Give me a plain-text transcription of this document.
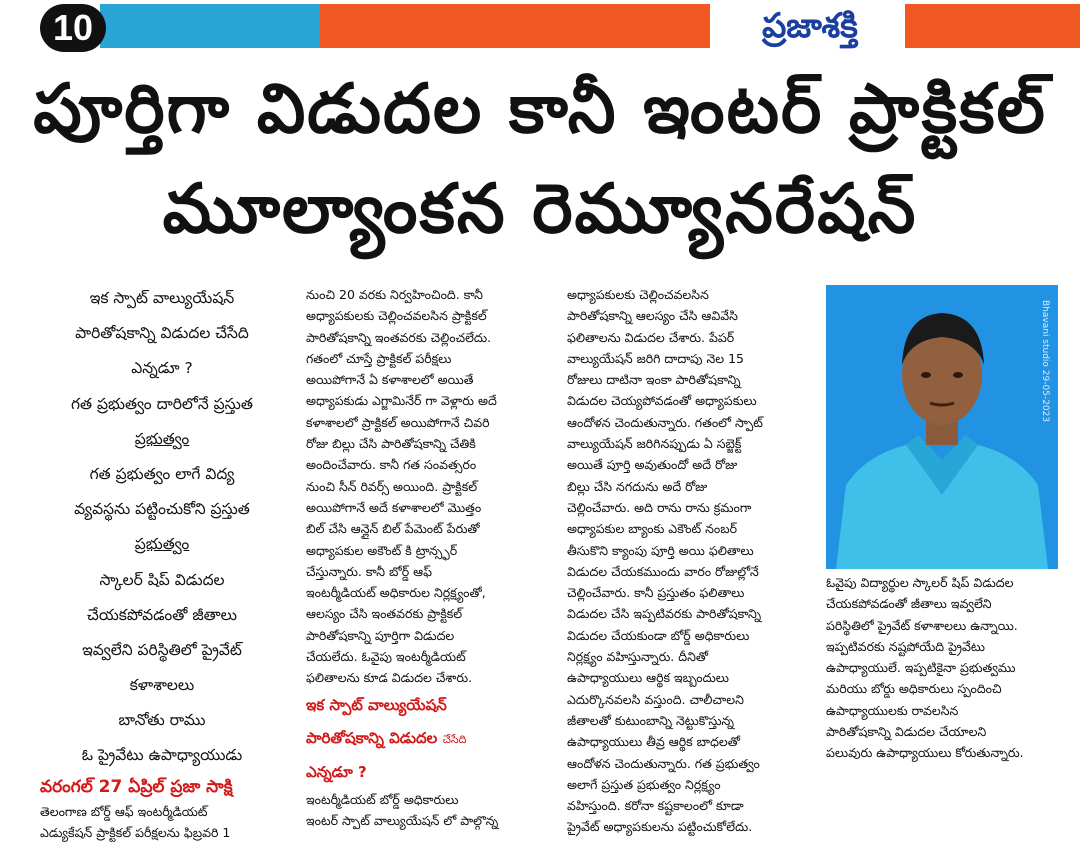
10	ప్రజాశక్తి
పూర్తిగా విడుదల కానీ ఇంటర్ ప్రాక్టికల్
మూల్యాంకన రెమ్యూనరేషన్
ఇక స్పాట్ వాల్యుయేషన్
పారితోషకాన్ని విడుదల చేసేది
ఎన్నడూ ?
గత ప్రభుత్వం దారిలోనే ప్రస్తుత
ప్రభుత్వం
గత ప్రభుత్వం లాగే విద్య
వ్యవస్థను పట్టించుకోని ప్రస్తుత
ప్రభుత్వం
స్కాలర్ షిప్ విడుదల
చేయకపోవడంతో జీతాలు
ఇవ్వలేని పరిస్థితిలో ప్రైవేట్
కళాశాలలు
బానోతు రాము
ఓ ప్రైవేటు ఉపాధ్యాయుడు
వరంగల్ 27 ఏప్రిల్ ప్రజా సాక్షి
తెలంగాణ బోర్డ్ ఆఫ్ ఇంటర్మీడియట్
ఎడ్యుకేషన్ ప్రాక్టికల్ పరీక్షలను ఫిబ్రవరి 1
నుంచి 20 వరకు నిర్వహించింది. కానీ
అధ్యాపకులకు చెల్లించవలసిన ప్రాక్టికల్
పారితోషకాన్ని ఇంతవరకు చెల్లించలేదు.
గతంలో చూస్తే ప్రాక్టికల్ పరీక్షలు
అయిపోగానే ఏ కళాశాలలో అయితే
అధ్యాపకుడు ఎగ్జామినేర్ గా వెళ్లారు అదే
కళాశాలలో ప్రాక్టికల్ అయిపోగానే చివరి
రోజు బిల్లు చేసి పారితోషకాన్ని చేతికి
అందించేవారు. కానీ గత సంవత్సరం
నుంచి సీన్ రివర్స్ అయింది. ప్రాక్టికల్
అయిపోగానే అదే కళాశాలలో మొత్తం
బిల్ చేసి ఆన్లైన్ బిల్ పేమెంట్ పేరుతో
అధ్యాపకుల అకౌంట్ కి ట్రాన్స్ఫర్
చేస్తున్నారు. కానీ బోర్డ్ ఆఫ్
ఇంటర్మీడియట్ అధికారుల నిర్లక్ష్యంతో,
ఆలస్యం చేసి ఇంతవరకు ప్రాక్టికల్
పారితోషకాన్ని పూర్తిగా విడుదల
చేయలేదు. ఓవైపు ఇంటర్మీడియట్
ఫలితాలను కూడ విడుదల చేశారు.
ఇక స్పాట్ వాల్యుయేషన్
పారితోషకాన్ని విడుదల చేసేది
ఎన్నడూ ?
ఇంటర్మీడియట్ బోర్డ్ అధికారులు
ఇంటర్ స్పాట్ వాల్యుయేషన్ లో పాల్గొన్న
అధ్యాపకులకు చెల్లించవలసిన
పారితోషకాన్ని ఆలస్యం చేసి ఆవివేసి
ఫలితాలను విడుదల చేశారు. పేపర్
వాల్యుయేషన్ జరిగి దాదాపు నెల 15
రోజులు దాటినా ఇంకా పారితోషకాన్ని
విడుదల చెయ్యపోవడంతో అధ్యాపకులు
ఆందోళన చెందుతున్నారు. గతంలో స్పాట్
వాల్యుయేషన్ జరిగినప్పుడు ఏ సబ్జెక్ట్
అయితే పూర్తి అవుతుందో అదే రోజు
బిల్లు చేసి నగదును అదే రోజు
చెల్లించేవారు. అది రాను రాను క్రమంగా
అధ్యాపకుల బ్యాంకు ఎకౌంట్ నంబర్
తీసుకొని క్యాంపు పూర్తి అయి ఫలితాలు
విడుదల చేయకముందు వారం రోజుల్లోనే
చెల్లించేవారు. కానీ ప్రస్తుతం ఫలితాలు
విడుదల చేసి ఇప్పటివరకు పారితోషకాన్ని
విడుదల చేయకుండా బోర్డ్ అధికారులు
నిర్లక్ష్యం వహిస్తున్నారు. దీనితో
ఉపాధ్యాయులు ఆర్థిక ఇబ్బందులు
ఎదుర్కొనవలసి వస్తుంది. చాలీచాలని
జీతాలతో కుటుంబాన్ని నెట్టుకొస్తున్న
ఉపాధ్యాయులు తీవ్ర ఆర్థిక బాధలతో
ఆందోళన చెందుతున్నారు. గత ప్రభుత్వం
అలాగే ప్రస్తుత ప్రభుత్వం నిర్లక్ష్యం
వహిస్తుంది. కరోనా కష్టకాలంలో కూడా
ప్రైవేట్ అధ్యాపకులను పట్టించుకోలేదు.
Bhavani studio 29-05-2023
ఓవైపు విద్యార్థుల స్కాలర్ షిప్ విడుదల
చేయకపోవడంతో జీతాలు ఇవ్వలేని
పరిస్థితిలో ప్రైవేట్ కళాశాలలు ఉన్నాయి.
ఇప్పటివరకు నష్టపోయేది ప్రైవేటు
ఉపాధ్యాయులే. ఇప్పటికైనా ప్రభుత్వము
మరియు బోర్డు అధికారులు స్పందించి
ఉపాధ్యాయులకు రావలసిన
పారితోషకాన్ని విడుదల చేయాలని
పలువురు ఉపాధ్యాయులు కోరుతున్నారు.
